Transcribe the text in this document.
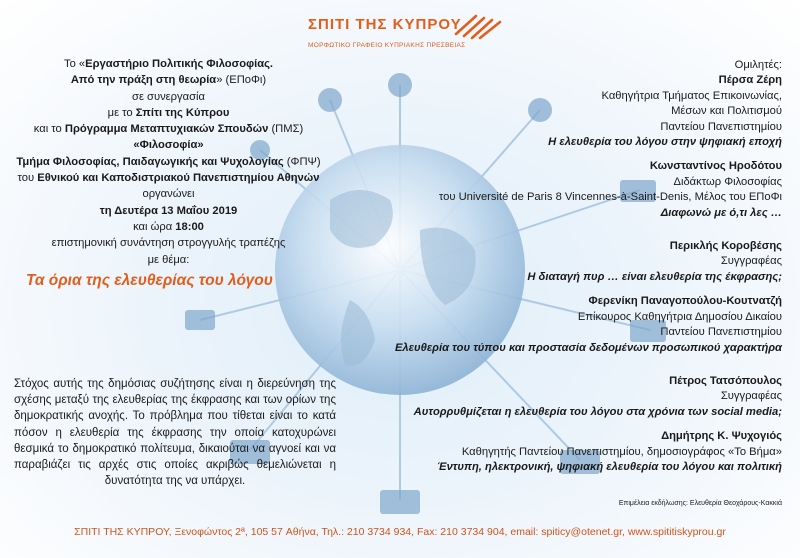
ΣΠΙΤΙ ΤΗΣ ΚΥΠΡΟΥ
ΜΟΡΦΩΤΙΚΟ ΓΡΑΦΕΙΟ ΚΥΠΡΙΑΚΗΣ ΠΡΕΣΒΕΙΑΣ
Το «Εργαστήριο Πολιτικής Φιλοσοφίας.
Από την πράξη στη θεωρία» (ΕΠοΦι)
σε συνεργασία
με το Σπίτι της Κύπρου
και το Πρόγραμμα Μεταπτυχιακών Σπουδών (ΠΜΣ)
«Φιλοσοφία»
Τμήμα Φιλοσοφίας, Παιδαγωγικής και Ψυχολογίας (ΦΠΨ)
του Εθνικού και Καποδιστριακού Πανεπιστημίου Αθηνών
οργανώνει
τη Δευτέρα 13 Μαΐου 2019
και ώρα 18:00
επιστημονική συνάντηση στρογγυλής τραπέζης
με θέμα:
Τα όρια της ελευθερίας του λόγου
Στόχος αυτής της δημόσιας συζήτησης είναι η διερεύνηση της σχέσης μεταξύ της ελευθερίας της έκφρασης και των ορίων της δημοκρατικής ανοχής. Το πρόβλημα που τίθεται είναι το κατά πόσον η ελευθερία της έκφρασης την οποία κατοχυρώνει θεσμικά το δημοκρατικό πολίτευμα, δικαιούται να αγνοεί και να παραβιάζει τις αρχές στις οποίες ακριβώς θεμελιώνεται η δυνατότητα της να υπάρχει.
Ομιλητές:
Πέρσα Ζέρη
Καθηγήτρια Τμήματος Επικοινωνίας,
Μέσων και Πολιτισμού
Παντείου Πανεπιστημίου
Η ελευθερία του λόγου στην ψηφιακή εποχή
Κωνσταντίνος Ηροδότου
Διδάκτωρ Φιλοσοφίας
του Université de Paris 8 Vincennes-à-Saint-Denis, Μέλος του ΕΠοΦι
Διαφωνώ με ό,τι λες …
Περικλής Κοροβέσης
Συγγραφέας
Η διαταγή πυρ … είναι ελευθερία της έκφρασης;
Φερενίκη Παναγοπούλου-Κουτνατζή
Επίκουρος Καθηγήτρια Δημοσίου Δικαίου
Παντείου Πανεπιστημίου
Ελευθερία του τύπου και προστασία δεδομένων προσωπικού χαρακτήρα
Πέτρος Τατσόπουλος
Συγγραφέας
Αυτορρυθμίζεται η ελευθερία του λόγου στα χρόνια των social media;
Δημήτρης Κ. Ψυχογιός
Καθηγητής Παντείου Πανεπιστημίου, δημοσιογράφος «Το Βήμα»
Έντυπη, ηλεκτρονική, ψηφιακή ελευθερία του λόγου και πολιτική
Επιμέλεια εκδήλωσης: Ελευθερία Θεοχάρους-Κακκιά
ΣΠΙΤΙ ΤΗΣ ΚΥΠΡΟΥ, Ξενοφώντος 2ª, 105 57 Αθήνα, Τηλ.: 210 3734 934, Fax: 210 3734 904, email: spiticy@otenet.gr, www.spititiskyprou.gr
